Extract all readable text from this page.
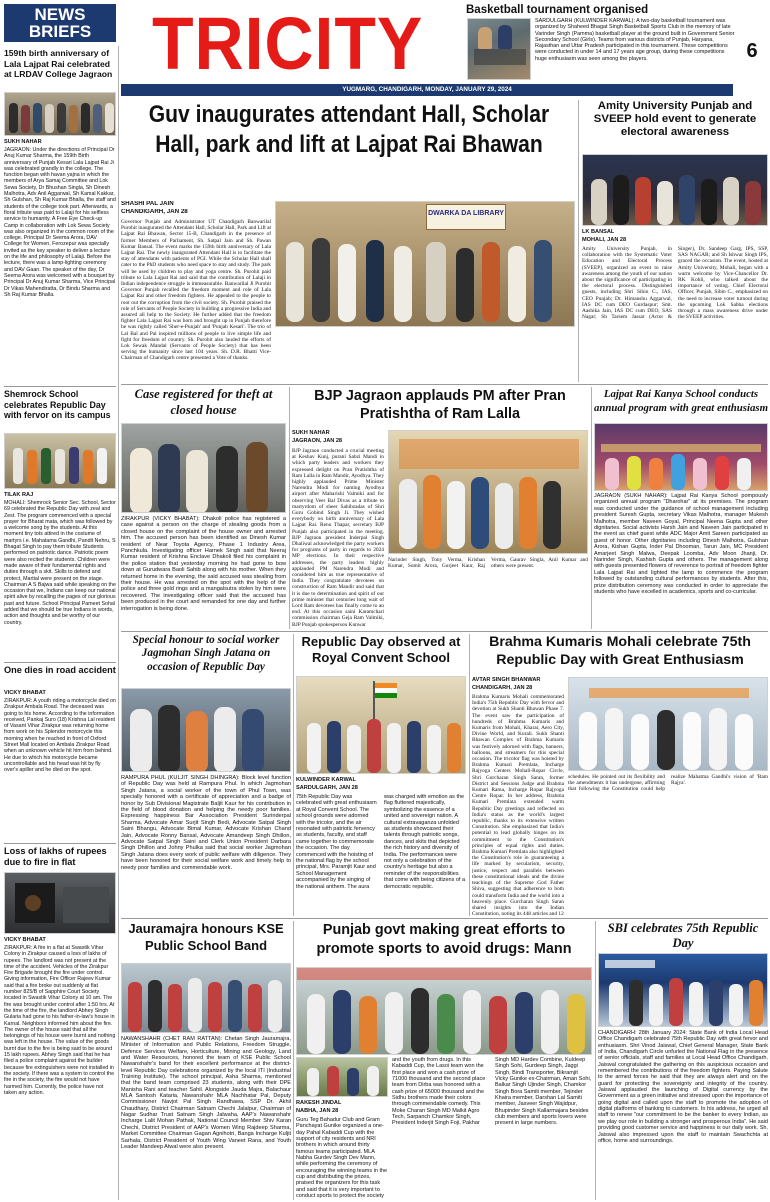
NEWS BRIEFS TRICITY
YUGMARG, CHANDIGARH, MONDAY, JANUARY 29, 2024
6
Basketball tournament organised
SARDULGARH (KULWINDER KARWAL): A two-day basketball tournament was organized by Shaheed Bhagat Singh Basketball Sports Club in the memory of late Varinder Singh (Pamma) basketball player at the ground built in Government Senior Secondary School (Girls). Teams from various districts of Punjab, Haryana, Rajasthan and Uttar Pradesh participated in this tournament. These competitions were conducted in under 14 and 17 years age group, during these competitions huge enthusiasm was seen among the players.
159th birth anniversary of Lala Lajpat Rai celebrated at LRDAV College Jagraon
SUKH NAHAR
JAGRAON: Under the directions of Principal Dr Anuj Kumar Sharma, the 159th Birth anniversary of Punjab Kesari Lala Lajpat Rai Ji was celebrated grandly in the college. The function began with havan yajna in which the members of Arya Samaj Committee and Lok Sewa Society, Dr Bhushan Singla, Sh Dinesh Malhotra, Adv Anil Aggarwal, Sh Kamal Kakkar, Sh Gulshan, Sh Raj Kumar Bhalla, the staff and students of the college took part. Afterwards, a floral tribute was paid to Lalaji for his selfless service to humanity. A Free Eye Check-up Camp in collaboration with Lok Sewa Society was also organized in the common room of the college. Principal Dr Seema Arora, DAV College for Women, Ferozepur was specially invited as the key speaker to deliver a lecture on the life and philosophy of Lalaji. Before the lecture, there was a lamp-lighting ceremony and DAV Gaan. The speaker of the day, Dr Seema Arora was welcomed with a bouquet by Principal Dr Anuj Kumar Sharma, Vice Principal Dr Vikas Mahendiratta, Dr Bindu Sharma and Sh Raj Kumar Bhalla.
Shemrock School celebrates Republic Day with fervor on its campus
TILAK RAJ
MOHALI: Shemrock Senior Sec. School, Sector 69 celebrated the Republic Day with zeal and Zest. The program commenced with a special prayer for Bharat mata, which was followed by a welcome song by the students. At this moment tiny tots attired in the costume of martyrs i.e. Mahatama Gandhi, Pandit Nehru, S Bhagat Singh to pay them tribute Students performed on patriotic dance. Patriotic poem were also recited the students. Children were made aware of their fundamental rights and duties through a skit. Skills to defend and protect, Martial were present on the stage. Chairman A S Bajwa said while speaking on the occasion that we, Indians can keep our national spirit alive by recalling the pages of our glorious past and future. School Principal Pameet Sohal added that we should be true Indians in words, action and thoughts and be worthy of our country.
One dies in road accident
VICKY BHABAT
ZIRAKPUR: A youth riding a motorcycle died on Zirakpur Ambala Road. The deceased was going to his home. According to the information received, Pankaj Suro (18) Krishna Lal resident of Vasant Vihar Zirakpur was returning home from work on his Splendor motorcycle this morning when he reached in front of Oxford Street Mall located on Ambala Zirakpur Road when an unknown vehicle hit him from behind. He due to which his motorcycle became uncontrollable and his head was hit by fly over's apiller and he died on the spot.
Loss of lakhs of rupees due to fire in flat
VICKY BHABAT
ZIRAKPUR: A fire in a flat at Swastik Vihar Colony in Zirakpur caused a loss of lakhs of rupees. The landlord was not present at the time of the accident. Vehicles of the Zirakpur Fire Brigade brought the fire under control. Giving information, Fire Officer Rajeev Kumar said that a fire broke out suddenly at flat number 825/B of Sapphire Court Society located in Swastik Vihar Colony at 10 am. The fire was brought under control after 1:50 hrs. At the time of the fire, the landlord Abhey Singh Gularia had gone to his father-in-law's house in Karnal. Neighbors informed him about the fire. The owner of the house said that all the belongings of his house were burnt and nothing was left in the house. The value of the goods burnt due to the fire is being said to be around 15 lakh rupees. Abhey Singh said that he has filed a police complaint against the builder because fire extinguishers were not installed in the society. If there was a system to control the fire in the society, the fire would not have harmed him. Currently, the police have not taken any action.
Guv inaugurates attendant Hall, Scholar Hall, park and lift at Lajpat Rai Bhawan
SHASHI PAL JAIN
CHANDIGARH, JAN 28	DWARKA DA LIBRARY
Governor Punjab and Administrator UT Chandigarh Banwarilal Purohit inaugurated the Attendant Hall, Scholar Hall, Park and Lift at Lajpat Rai Bhawan, Sector 15-B, Chandigarh in the presence of former Members of Parliament, Sh. Satpal Jain and Sh. Pawan Kumar Bansal. The event marks the 159th birth anniversary of Lala Lajpat Rai. The newly inaugurated Attendant Hall is to facilitate the stay of attendants with patients of PGI. While the Scholar Hall shall cater to the PhD students who need space to stay and study. The park will be used by children to play and yoga centre. Sh. Purohit paid tribute to Lala Lajpat Rai and said that the contribution of Lalaji in Indian independence struggle is immeasurable. Banwarilal Ji Purohit Governor Punjab recalled the freedom moment and role of Lala Lajpat Rai and other freedom fighters. He appealed to the people to root out the corruption from the civil society. Sh. Purohit praised the role of Servants of People Society in building a progressive India and assured all help to the Society. He further added that the freedom fighter Lala Lajpat Rai was born and brought up in Punjab therefore he was rightly called 'Sher-e-Punjab' and 'Punjab Kesari'. The trio of Lal Bal and Pal inspired millions of people to live simple life and fight for freedom of country. Sh. Purohit also lauded the efforts of Lok Sewak Mandal (Servants of People Society) that has been serving the humanity since last 104 years. Sh. D.R. Bhatti Vice-Chairman of Chandigarh centre presented a Vote of thanks.
Amity University Punjab and SVEEP hold event to generate electoral awareness
LK BANSAL
MOHALI, JAN 28
Amity University Punjab, in collaboration with the Systematic Voter Education and Electoral Process (SVEEP), organized an event to raise awareness among the youth of our nation about the significance of participating in the electoral process. Distinguished guests, including Shri Sibin C., IAS, CEO Punjab; Dr. Himanshu Aggarwal, IAS DC cum DEO Gurdaspur; Smt. Aashika Jain, IAS DC cum DEO, SAS Nagar; Sh Tarsem Jassar (Actor & Singer), Dr. Sandeep Garg, IPS, SSP, SAS NAGAR; and Sh Ishwar Singh IPS, graced the occasion. The event, hosted at Amity University, Mohali, began with a warm welcome by Vice-Chancellor Dr. RK Kohli, who talked about the importance of voting. Chief Electoral Officer, Punjab, Sibin C., emphasized on the need to increase voter turnout during the upcoming Lok Sabha elections through a mass awareness drive under the SVEEP activities.
Case registered for theft at closed house
ZIRAKPUR (VICKY BHABAT): Dhakoli police has registered a case against a person on the charge of stealing goods from a closed house on the complaint of the house owner and arrested him. The accused person has been identified as Dinesh Kumar resident of Near Toyota Agency, Phase 1 Industry Area, Panchkula. Investigating officer Harnek Singh said that Neeraj Kumar resident of Krishna Enclave Dhakoli filed his complaint in the police station that yesterday morning he had gone to bow down at Gurudwara Baoli Sahib along with his mother. When they returned home in the evening, the said accused was stealing from their house. He was arrested on the spot with the help of the police and three gold rings and a mangalsutra stolen by him were recovered. The investigating officer said that the accused has been produced in the court and remanded for one day and further interrogation is being done.
BJP Jagraon applauds PM after Pran Pratishtha of Ram Lalla
SUKH NAHAR
JAGRAON, JAN 28
BJP Jagraon conducted a crucial meeting at Keshav Kunj, purani Sabzi Mandi in which party leaders and workers they expressed delight on Pran Pratishtha of Ram Lalla in Ram Mandir, Ayodhya. They highly applauded Prime Minister Narendra Modi for naming Ayodhya airport after Maharishi Valmiki and for observing Veer Bal Divas as a tribute to martyrdom of sheer Sahibzadas of Shri Guru Gobind Singh Ji. They wished everybody on birth anniversary of Lala Lajpat Rai. Renu Thapar, secretary BJP Punjab also participated in the meeting. BJP Jagraon president Inderpal Singh Dhaliwal acknowledged the party workers for programs of party in regards to 2024 MP elections. In their respective addresses, the party leaders highly applauded PM Narendra Modi and considered him as true representative of India. They congratulate devotees on construction of Ram Mandir and said that it is due to determination and spirit of our prime minister that centuries long wait of Lord Ram devotees has finally come to an end. At this occasion saini Karamchari commission chairman Geja Ram Valmiki, BJP Punjab spokesperson Kunwar
Narinder Singh, Tony Verma, Krishan Kumar, Sumit Arora, Gurjeet Kaur, Raj Verma, Gaurav Singla, Anil Kumar and others were present.
Lajpat Rai Kanya School conducts annual program with great enthusiasm
JAGRAON (SUKH NAHAR): Lajpat Rai Kanya School pompously organized annual program "Dharohar" at its premises. The program was conducted under the guidance of school management including president Suresh Gupta, secretary Vikas Malhotra, manager Mukesh Malhotra, member Naveen Goyal, Principal Neena Gupta and other dignitaries. Social activists Harsh Jain and Naveen Jain participated in the event as chief guest while ADC Major Amit Sareen participated as guest of honor. Other dignitaries including Dinesh Malhotra, Gulshan Arora, Kishan Gupta, Inder Pal Dhooman, Tarun Jain, MC President Amarjeet Singh Malwa, Deepak Loomba, Adv Moon Jhanji, Dr. Narinder Singh, Kashish Gupta and others. The management along with guests presented flowers of reverence to portrait of freedom fighter Lala Lajpat Rai and lighted the lamp to commence the program followed by outstanding cultural performances by students. After this, prize distribution ceremony was conducted in order to appreciate the students who have excelled in academics, sports and co-curricular.
Special honour to social worker Jagmohan Singh Jatana on occasion of Republic Day
RAMPURA PHUL (KULJIT SINGH DHINGRA): Block level function of Republic Day was held at Rampura Phul. In which Jagmohan Singh Jatana, a social worker of the town of Phul Town, was specially honored with a certificate of appreciation and a badge of honor by Sub Divisional Magistrate Baljit Kaur for his contribution in the field of blood donation and helping the needy poor families. Expressing happiness Bar Association President Surinderpal Sharma, Advocate Amar Surjit Singh Bedi, Advocate Satpal Singh Saini Bhangu, Advocate Bimal Kumar, Advocate Krishan Chand Jain, Advocate Ronny Bansal, Advocate Amandeep Singh Dhillon, Advocate Satpal Singh Saini and Clerk Union President Darbara Singh Dhillon and Johny Phulka said that social worker Jagmohan Singh Jatana does every work of public welfare with diligence. They have been honored for their social welfare work and timely help to needy poor families and commendable work.
Republic Day observed at Royal Convent School
KULWINDER KARWAL
SARDULGARH, JAN 28
75th Republic Day was celebrated with great enthusiasm at Royal Convent School. The school grounds were adorned with the tricolor, and the air resonated with patriotic fervency as students, faculty, and staff came together to commemorate the occasion. The day commenced with the hoisting of the national flag by the school principal, Mrs. Paramjit Kaur and School Management accompanied by the singing of the national anthem. The aura was charged with emotion as the flag fluttered majestically, symbolizing the essence of a united and sovereign nation. A cultural extravaganza unfolded as students showcased their talents through patriotic songs, dances, and skits that depicted the rich history and diversity of India. The performances were not only a celebration of the country's heritage but also a reminder of the responsibilities that come with being citizens of a democratic republic.
Brahma Kumaris Mohali celebrate 75th Republic Day with Great Enthusiasm
AVTAR SINGH BHANWAR
CHANDIGARH, JAN 28
Brahma Kumaris Mohali commemorated India's 75th Republic Day with fervor and devotion at Sukh Shanti Bhawan Phase 7. The event saw the participation of hundreds of Brahma Kumaris and Kumaris from Mohali, Kharar, Aero City, Divine World, and Kurali. Sukh Shanti Bhawan Complex of Brahma Kumaris was festively adorned with flags, banners, balloons, and streamers for this special occasion. The tricolor flag was hoisted by Brahma Kumari Premlata, Incharge Rajyoga Centers Mohali-Ropar Circle, Shri Gurcharan Singh Saran, former District and Sessions Judge and Brahma Kumari Rama, Incharge Ropar Rajyoga Centre Ropar. In her address, Brahma Kumari Premlata extended warm Republic Day greetings and reflected on India's status as the world's largest republic, thanks to its extensive written Constitution. She emphasized that India's potential to lead globally hinges on its commitment to the Constitution's principles of equal rights and duties. Brahma Kumari Premlata also highlighted the Constitution's role in guaranteeing a life marked by secularism, security, justice, respect and parallels between these constitutional ideals and the divine teachings of the Supreme God Father Shiva, suggesting that adherence to both could transform India and the world into a heavenly place. Gurcharan Singh Saran shared insights into the Indian Constitution, noting its 448 articles and 12
schedules. He pointed out its flexibility and the amendments it has undergone, affirming that following the Constitution could help realize Mahatma Gandhi's vision of 'Ram Rajya'.
Jauramajra honours KSE Public School Band
NAWANSHAHR (CHET RAM RATTAN): Chetan Singh Jauramajra, Minister of Information and Public Relations, Freedom Struggle, Defence Services Welfare, Horticulture, Mining and Geology, Land and Water Resources, honored the team of KSE Public School Nawanshahr's band for their excellent performance at the district-level Republic Day celebrations organized by the local ITI (Industrial Training Institute). The school principal, Asha Sharma, mentioned that the band team comprised 23 students, along with their DPE Manisha Rani and teacher Sahil. Alongside Jauda Majra, Balachaur MLA Santosh Kataria, Nawanshahr MLA Nachhatar Pal, Deputy Commissioner Navjot Pal Singh Randhawa, SSP Dr. Akhil Chaudhary, District Chairman Satnam Chechi Jalalpur, Chairman of Nagar Sudhar Trust Satnam Singh Jalwaha, AAP's Nawanshahr Incharge Lalit Mohan Pathak, National Council Member Shiv Karan Chechi, District President of AAP's Women Wing Rajdeep Sharma, Market Committee Chairman Gagan Agnihotri, Banga Incharge Kuljit Sarhala, District President of Youth Wing Vaneet Rana, and Youth Leader Mandeep Atwal were also present.
Punjab govt making great efforts to promote sports to avoid drugs: Mann
RAKESH JINDAL
NABHA, JAN 28
Guru Teg Bahadur Club and Gram Panchayat Gunike organized a one-day Pahal Kabaddi Cup with the support of city residents and NRI brothers in which around thirty famous teams participated. MLA Nabha Gurdev Singh Dev Mann, while performing the ceremony of encouraging the winning teams in the cup and distributing the prizes, praised the organizers for this task and said that it is very important to conduct sports to protect the society
and the youth from drugs. In this Kabaddi Cup, the Lasoi team won the first place and won a cash prize of 71000 thousand and the second place team from Dirba was honored with a cash prize of 65000 thousand and the Sidhu brothers made their colors through commendable comedy. This Moke Charan Singh MD Malkit Agro Tech, Sarpanch Chamkor Singh, President Inderjit Singh Foji, Pakhar Singh MD Hardev Combine, Kuldeep Singh Sohi, Gurdeep Singh, Jaggi Singh, Bindi Transporter, Bikramjit Vicky Gunike ex-Chairman, Aman Sohi, Balkar Singh Ujinder Singh, Chamkor Singh Bora Samiti member, Tejinder Khaira member, Darshan Lal Samiti member, Jasveer Singh Wajidpur, Bhupinder Singh Kallarmajara besides club members and sports lovers were present in large numbers.
SBI celebrates 75th Republic Day
CHANDIGARH: 28th January 2024: State Bank of India Local Head Office Chandigarh celebrated 75th Republic Day with great fervor and enthusiasm. Shri Vinod Jaiswal, Chief General Manager, State Bank of India, Chandigarh Circle unfurled the National Flag in the presence of senior officials, staff and families at Local Head Office Chandigarh. Jaiswal congratulated the gathering on this auspicious occasion and remembered the contributions of the freedom fighters. Paying Salute to the armed forces he said that they are always alert and on the guard for protecting the sovereignty and integrity of the country. Jaiswal applauded the launching of Digital currency by the Government as a green initiative and stressed upon the importance of going digital and called upon the staff to promote the adoption of digital platforms of banking to customers. In his address, he urged all staff to renew "our commitment to be the banker to every Indian, as we play our role in building a stronger and prosperous India". He said providing good customer service and happiness is our daily work. Sh. Jaiswal also impressed upon the staff to maintain Swachchta at office, home and surroundings.
